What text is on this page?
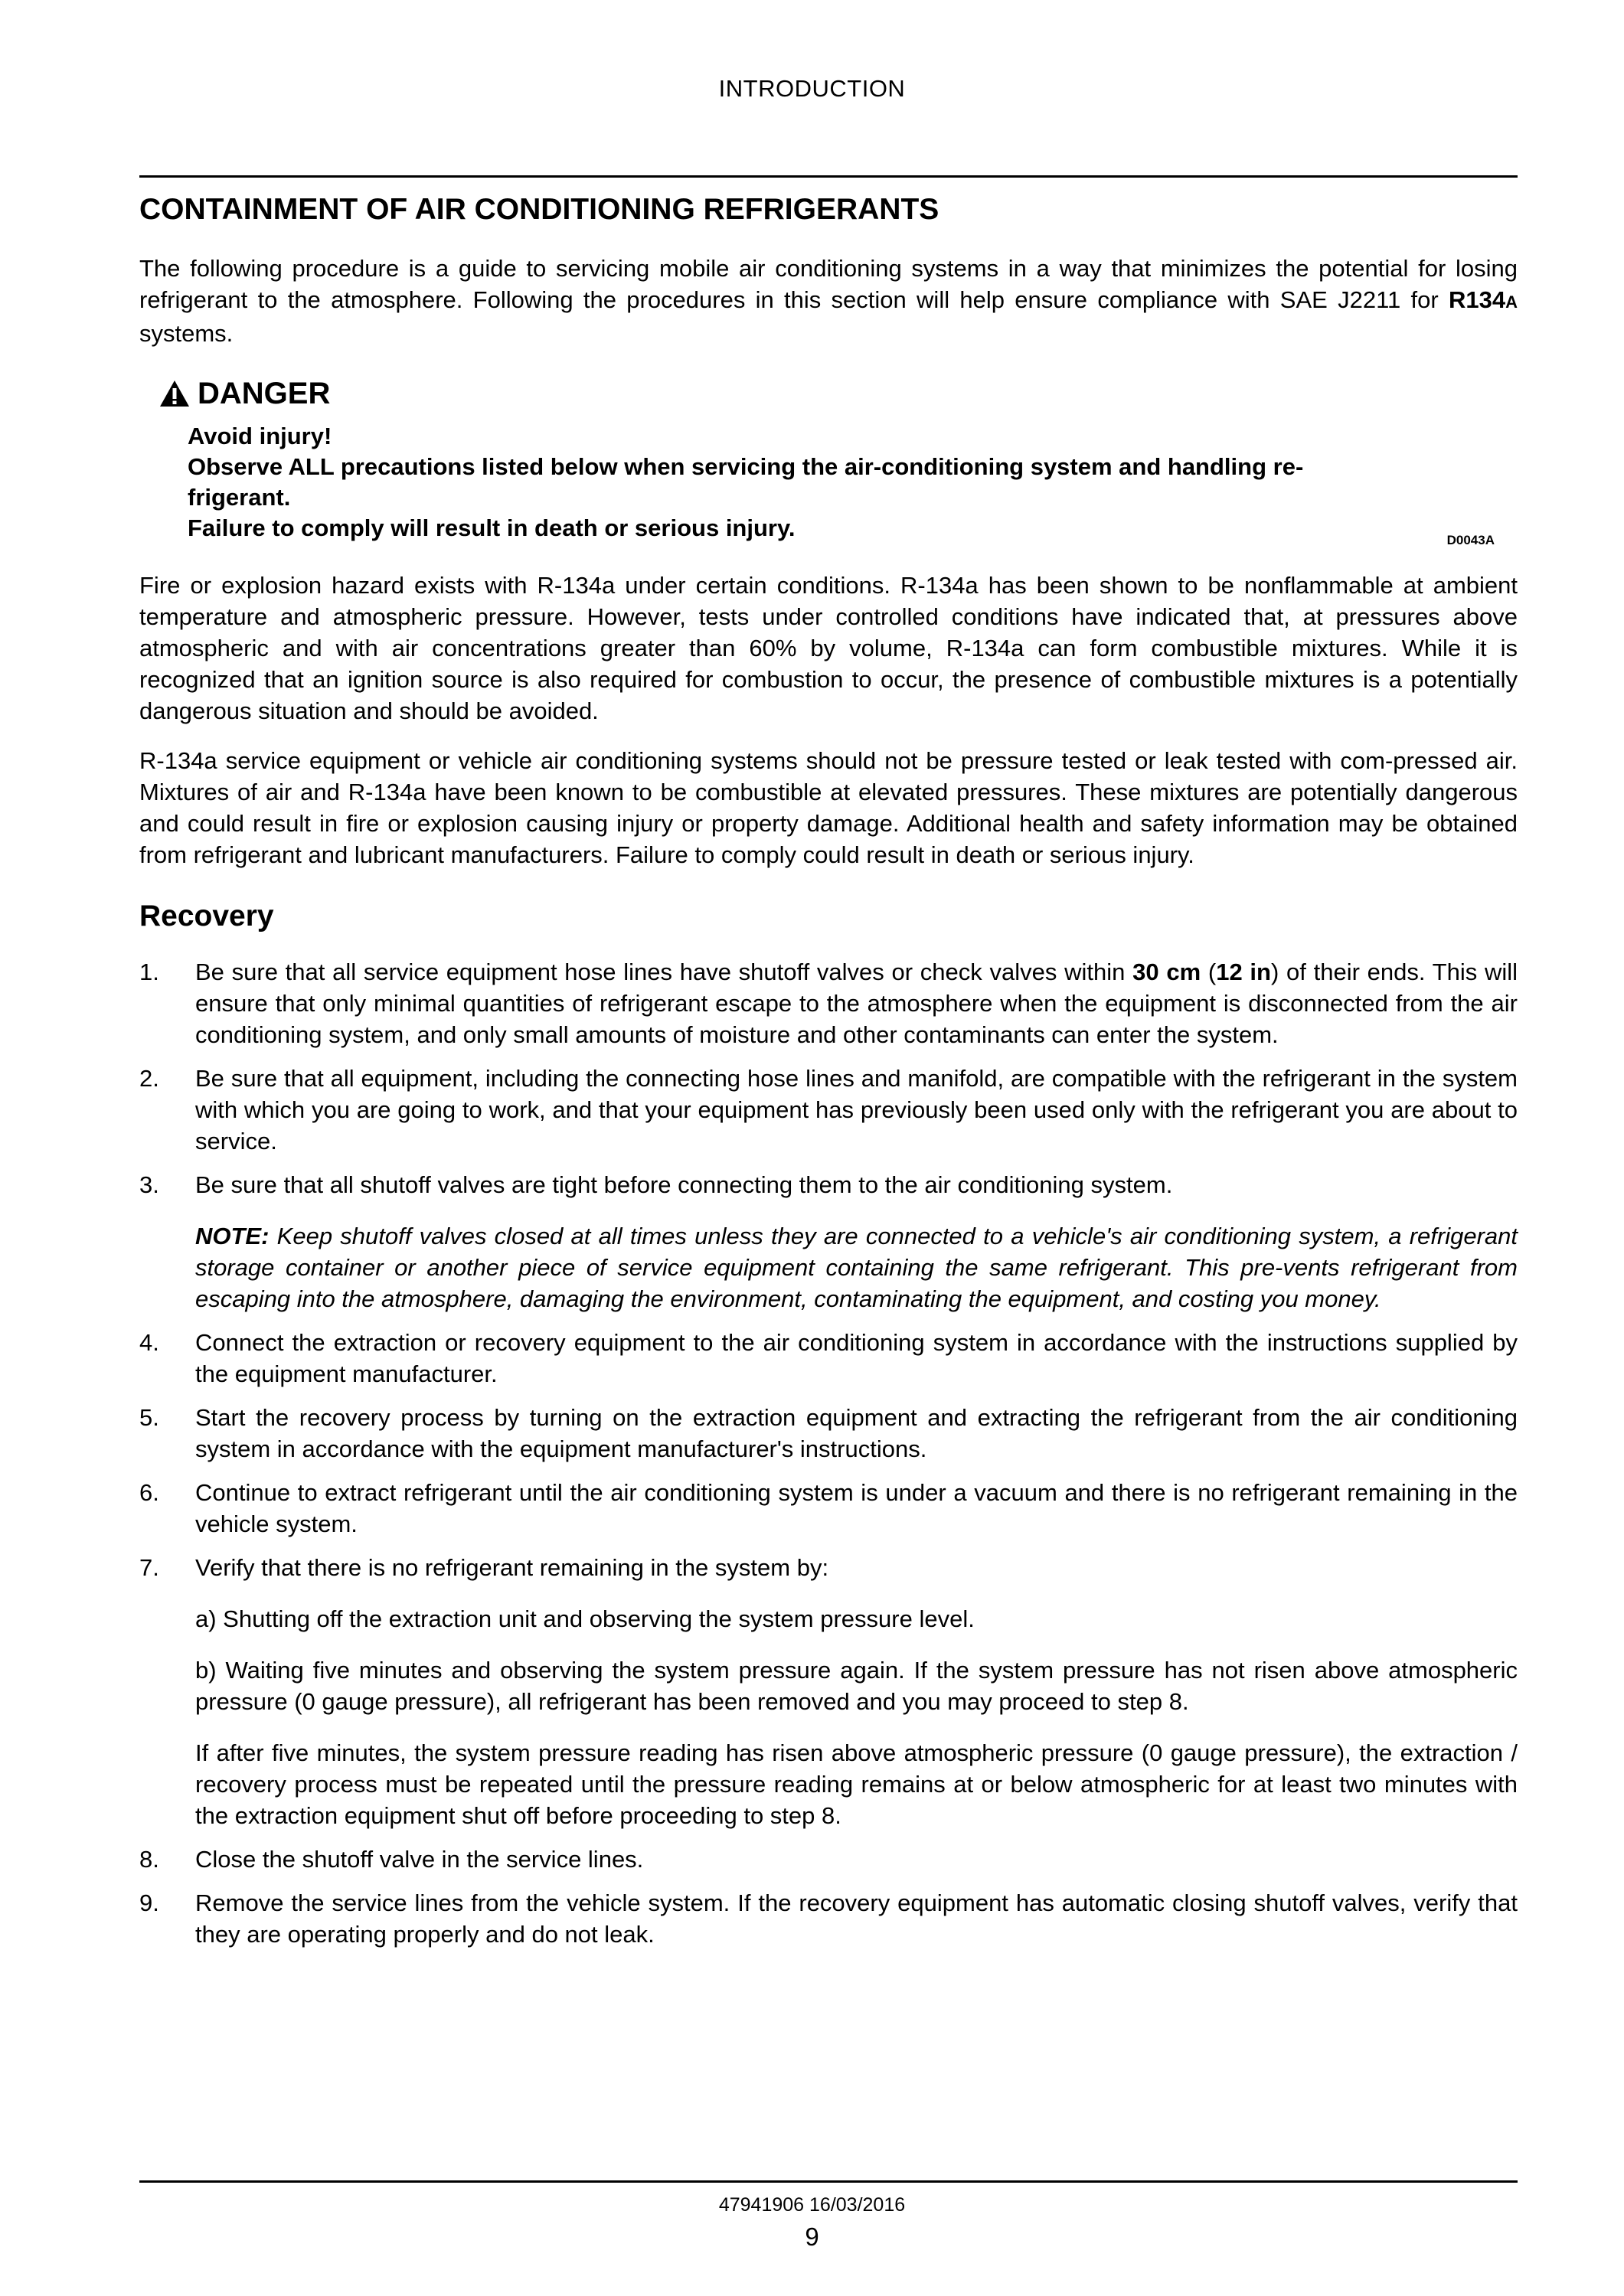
INTRODUCTION
CONTAINMENT OF AIR CONDITIONING REFRIGERANTS

The following procedure is a guide to servicing mobile air conditioning systems in a way that minimizes the potential for losing refrigerant to the atmosphere. Following the procedures in this section will help ensure compliance with SAE J2211 for R134A systems.

DANGER
Avoid injury!
Observe ALL precautions listed below when servicing the air-conditioning system and handling re-
frigerant.
Failure to comply will result in death or serious injury.	D0043A

Fire or explosion hazard exists with R-134a under certain conditions. R-134a has been shown to be nonflammable at ambient temperature and atmospheric pressure. However, tests under controlled conditions have indicated that, at pressures above atmospheric and with air concentrations greater than 60% by volume, R-134a can form combustible mixtures. While it is recognized that an ignition source is also required for combustion to occur, the presence of combustible mixtures is a potentially dangerous situation and should be avoided.

R-134a service equipment or vehicle air conditioning systems should not be pressure tested or leak tested with com-pressed air. Mixtures of air and R-134a have been known to be combustible at elevated pressures. These mixtures are potentially dangerous and could result in fire or explosion causing injury or property damage. Additional health and safety information may be obtained from refrigerant and lubricant manufacturers. Failure to comply could result in death or serious injury.

Recovery
1. Be sure that all service equipment hose lines have shutoff valves or check valves within 30 cm (12 in) of their ends. This will ensure that only minimal quantities of refrigerant escape to the atmosphere when the equipment is disconnected from the air conditioning system, and only small amounts of moisture and other contaminants can enter the system.
2. Be sure that all equipment, including the connecting hose lines and manifold, are compatible with the refrigerant in the system with which you are going to work, and that your equipment has previously been used only with the refrigerant you are about to service.
3. Be sure that all shutoff valves are tight before connecting them to the air conditioning system.
NOTE: Keep shutoff valves closed at all times unless they are connected to a vehicle's air conditioning system, a refrigerant storage container or another piece of service equipment containing the same refrigerant. This pre-vents refrigerant from escaping into the atmosphere, damaging the environment, contaminating the equipment, and costing you money.
4. Connect the extraction or recovery equipment to the air conditioning system in accordance with the instructions supplied by the equipment manufacturer.
5. Start the recovery process by turning on the extraction equipment and extracting the refrigerant from the air conditioning system in accordance with the equipment manufacturer's instructions.
6. Continue to extract refrigerant until the air conditioning system is under a vacuum and there is no refrigerant remaining in the vehicle system.
7. Verify that there is no refrigerant remaining in the system by:
a) Shutting off the extraction unit and observing the system pressure level.
b) Waiting five minutes and observing the system pressure again. If the system pressure has not risen above atmospheric pressure (0 gauge pressure), all refrigerant has been removed and you may proceed to step 8.
If after five minutes, the system pressure reading has risen above atmospheric pressure (0 gauge pressure), the extraction / recovery process must be repeated until the pressure reading remains at or below atmospheric for at least two minutes with the extraction equipment shut off before proceeding to step 8.
8. Close the shutoff valve in the service lines.
9. Remove the service lines from the vehicle system. If the recovery equipment has automatic closing shutoff valves, verify that they are operating properly and do not leak.
47941906 16/03/2016
9
